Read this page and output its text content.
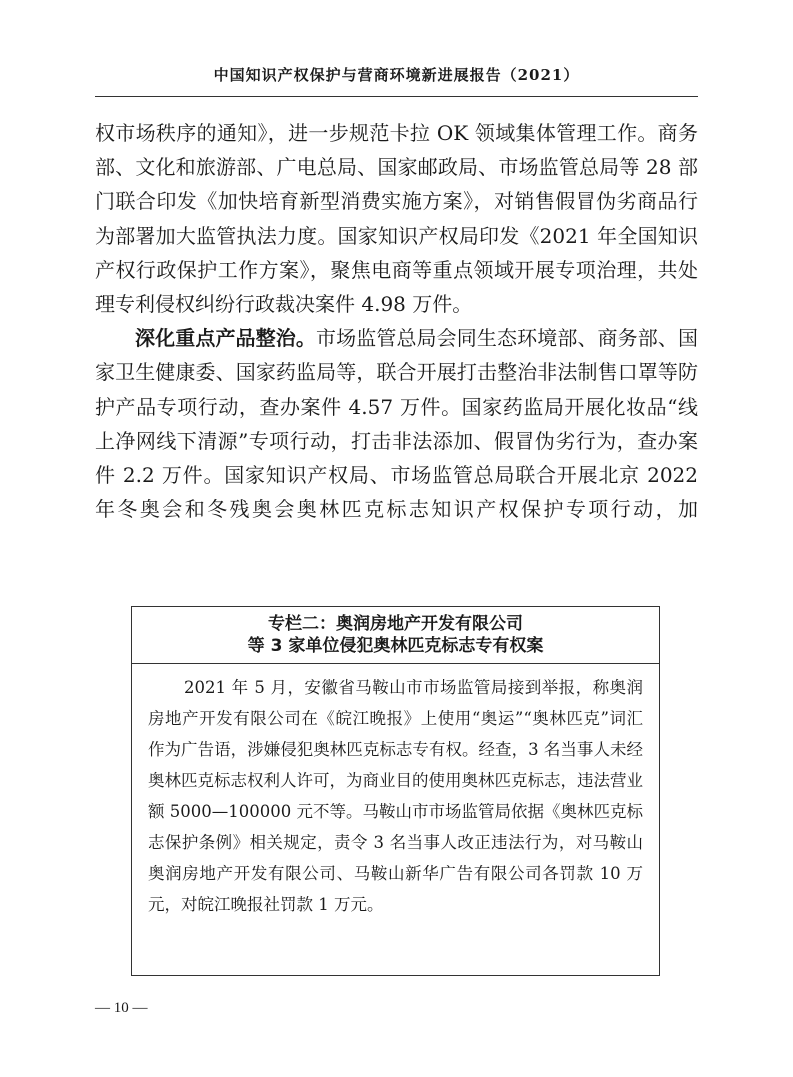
中国知识产权保护与营商环境新进展报告（2021）

权市场秩序的通知》，进一步规范卡拉 OK 领域集体管理工作。商务部、文化和旅游部、广电总局、国家邮政局、市场监管总局等 28 部门联合印发《加快培育新型消费实施方案》，对销售假冒伪劣商品行为部署加大监管执法力度。国家知识产权局印发《2021 年全国知识产权行政保护工作方案》，聚焦电商等重点领域开展专项治理，共处理专利侵权纠纷行政裁决案件 4.98 万件。

深化重点产品整治。市场监管总局会同生态环境部、商务部、国家卫生健康委、国家药监局等，联合开展打击整治非法制售口罩等防护产品专项行动，查办案件 4.57 万件。国家药监局开展化妆品“线上净网线下清源”专项行动，打击非法添加、假冒伪劣行为，查办案件 2.2 万件。国家知识产权局、市场监管总局联合开展北京 2022 年冬奥会和冬残奥会奥林匹克标志知识产权保护专项行动，加

专栏二：奥润房地产开发有限公司
等 3 家单位侵犯奥林匹克标志专有权案

2021 年 5 月，安徽省马鞍山市市场监管局接到举报，称奥润房地产开发有限公司在《皖江晚报》上使用“奥运”“奥林匹克”词汇作为广告语，涉嫌侵犯奥林匹克标志专有权。经查，3 名当事人未经奥林匹克标志权利人许可，为商业目的使用奥林匹克标志，违法营业额 5000—100000 元不等。马鞍山市市场监管局依据《奥林匹克标志保护条例》相关规定，责令 3 名当事人改正违法行为，对马鞍山奥润房地产开发有限公司、马鞍山新华广告有限公司各罚款 10 万元，对皖江晚报社罚款 1 万元。

— 10 —
